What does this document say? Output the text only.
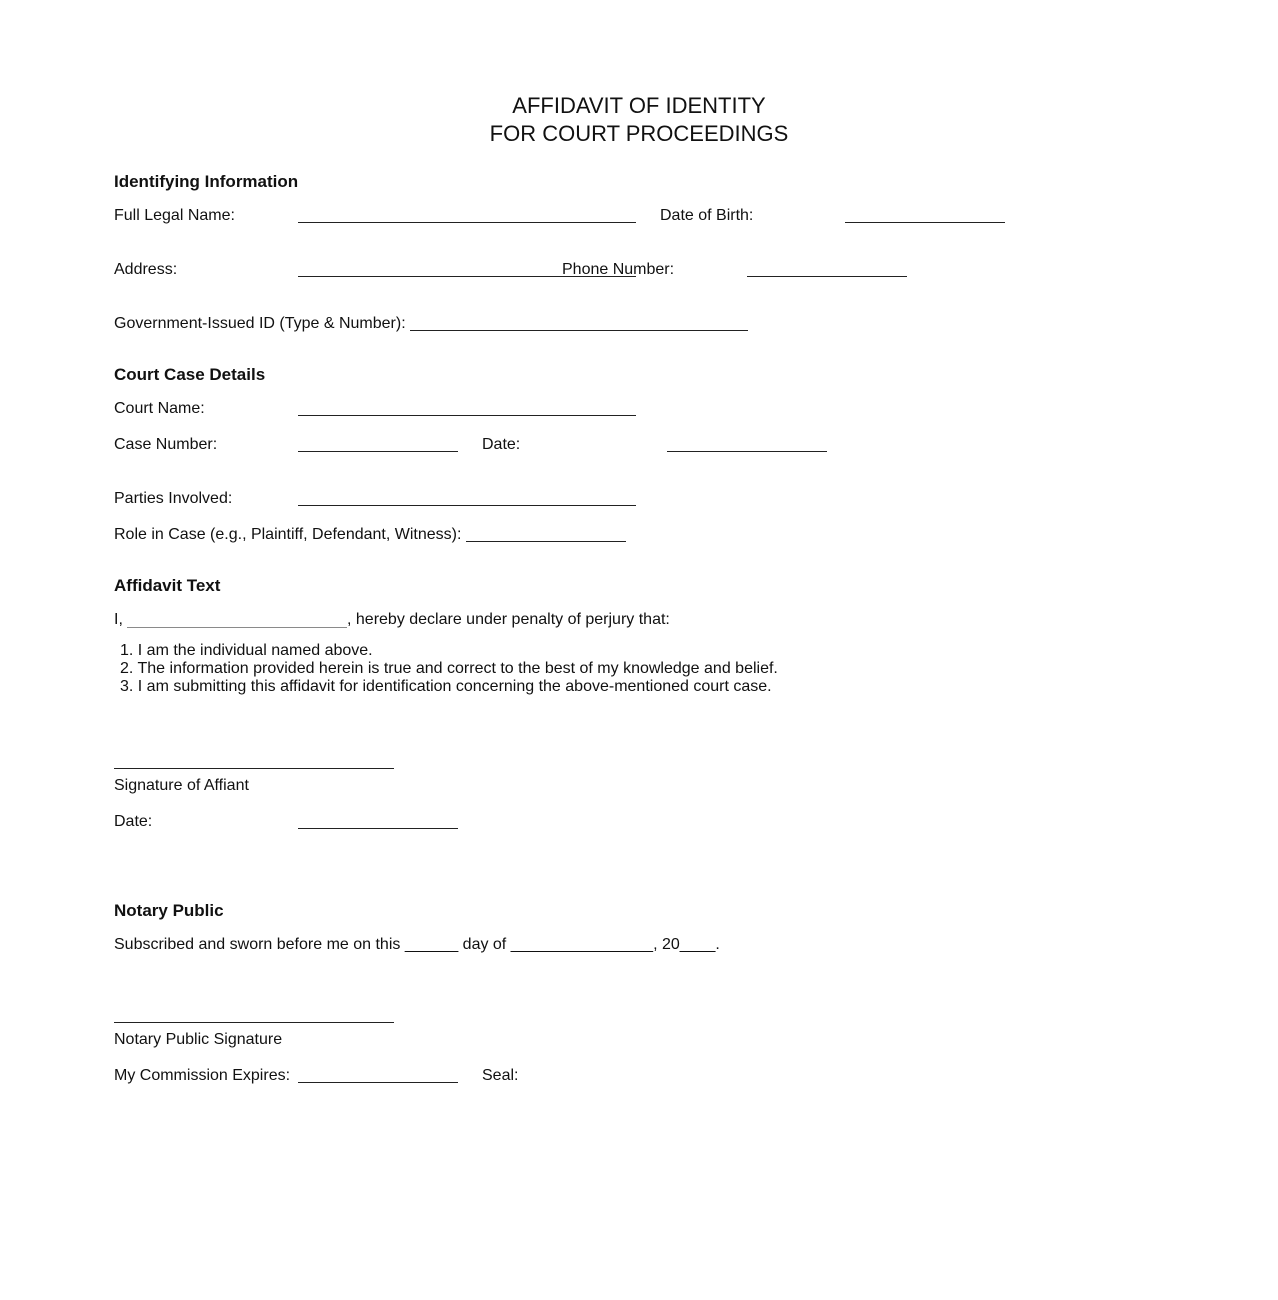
AFFIDAVIT OF IDENTITY
FOR COURT PROCEEDINGS
Identifying Information
Full Legal Name:	Date of Birth:
Address:	Phone Number:
Government-Issued ID (Type & Number):
Court Case Details
Court Name:
Case Number:	Date:
Parties Involved:
Role in Case (e.g., Plaintiff, Defendant, Witness):
Affidavit Text
I,	, hereby declare under penalty of perjury that:
1. I am the individual named above.
2. The information provided herein is true and correct to the best of my knowledge and belief.
3. I am submitting this affidavit for identification concerning the above-mentioned court case.
Signature of Affiant
Date:
Notary Public
Subscribed and sworn before me on this ______ day of ________________, 20____.
Notary Public Signature
My Commission Expires:	Seal:
